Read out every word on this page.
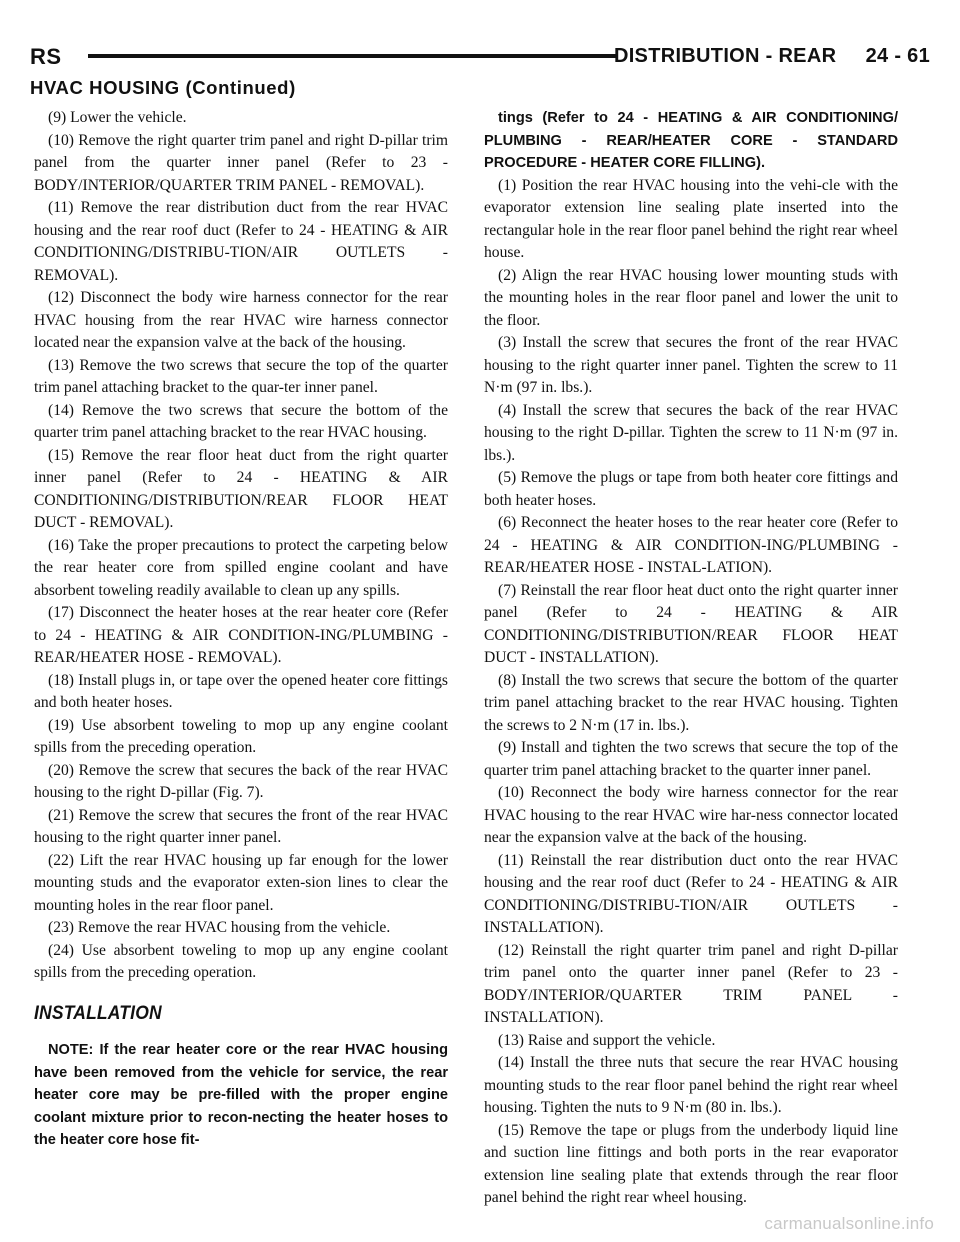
RS	DISTRIBUTION - REAR 24 - 61
HVAC HOUSING (Continued)

(9) Lower the vehicle.

(10) Remove the right quarter trim panel and right D-pillar trim panel from the quarter inner panel (Refer to 23 - BODY/INTERIOR/QUARTER TRIM PANEL - REMOVAL).

(11) Remove the rear distribution duct from the rear HVAC housing and the rear roof duct (Refer to 24 - HEATING & AIR CONDITIONING/DISTRIBU-TION/AIR OUTLETS - REMOVAL).

(12) Disconnect the body wire harness connector for the rear HVAC housing from the rear HVAC wire harness connector located near the expansion valve at the back of the housing.

(13) Remove the two screws that secure the top of the quarter trim panel attaching bracket to the quar-ter inner panel.

(14) Remove the two screws that secure the bottom of the quarter trim panel attaching bracket to the rear HVAC housing.

(15) Remove the rear floor heat duct from the right quarter inner panel (Refer to 24 - HEATING & AIR CONDITIONING/DISTRIBUTION/REAR FLOOR HEAT DUCT - REMOVAL).

(16) Take the proper precautions to protect the carpeting below the rear heater core from spilled engine coolant and have absorbent toweling readily available to clean up any spills.

(17) Disconnect the heater hoses at the rear heater core (Refer to 24 - HEATING & AIR CONDITION-ING/PLUMBING - REAR/HEATER HOSE - REMOVAL).

(18) Install plugs in, or tape over the opened heater core fittings and both heater hoses.

(19) Use absorbent toweling to mop up any engine coolant spills from the preceding operation.

(20) Remove the screw that secures the back of the rear HVAC housing to the right D-pillar (Fig. 7).

(21) Remove the screw that secures the front of the rear HVAC housing to the right quarter inner panel.

(22) Lift the rear HVAC housing up far enough for the lower mounting studs and the evaporator exten-sion lines to clear the mounting holes in the rear floor panel.

(23) Remove the rear HVAC housing from the vehicle.

(24) Use absorbent toweling to mop up any engine coolant spills from the preceding operation.

INSTALLATION

NOTE: If the rear heater core or the rear HVAC housing have been removed from the vehicle for service, the rear heater core may be pre-filled with the proper engine coolant mixture prior to recon-necting the heater hoses to the heater core hose fit-

tings (Refer to 24 - HEATING & AIR CONDITIONING/ PLUMBING - REAR/HEATER CORE - STANDARD PROCEDURE - HEATER CORE FILLING).

(1) Position the rear HVAC housing into the vehi-cle with the evaporator extension line sealing plate inserted into the rectangular hole in the rear floor panel behind the right rear wheel house.

(2) Align the rear HVAC housing lower mounting studs with the mounting holes in the rear floor panel and lower the unit to the floor.

(3) Install the screw that secures the front of the rear HVAC housing to the right quarter inner panel. Tighten the screw to 11 N·m (97 in. lbs.).

(4) Install the screw that secures the back of the rear HVAC housing to the right D-pillar. Tighten the screw to 11 N·m (97 in. lbs.).

(5) Remove the plugs or tape from both heater core fittings and both heater hoses.

(6) Reconnect the heater hoses to the rear heater core (Refer to 24 - HEATING & AIR CONDITION-ING/PLUMBING - REAR/HEATER HOSE - INSTAL-LATION).

(7) Reinstall the rear floor heat duct onto the right quarter inner panel (Refer to 24 - HEATING & AIR CONDITIONING/DISTRIBUTION/REAR FLOOR HEAT DUCT - INSTALLATION).

(8) Install the two screws that secure the bottom of the quarter trim panel attaching bracket to the rear HVAC housing. Tighten the screws to 2 N·m (17 in. lbs.).

(9) Install and tighten the two screws that secure the top of the quarter trim panel attaching bracket to the quarter inner panel.

(10) Reconnect the body wire harness connector for the rear HVAC housing to the rear HVAC wire har-ness connector located near the expansion valve at the back of the housing.

(11) Reinstall the rear distribution duct onto the rear HVAC housing and the rear roof duct (Refer to 24 - HEATING & AIR CONDITIONING/DISTRIBU-TION/AIR OUTLETS - INSTALLATION).

(12) Reinstall the right quarter trim panel and right D-pillar trim panel onto the quarter inner panel (Refer to 23 - BODY/INTERIOR/QUARTER TRIM PANEL - INSTALLATION).

(13) Raise and support the vehicle.

(14) Install the three nuts that secure the rear HVAC housing mounting studs to the rear floor panel behind the right rear wheel housing. Tighten the nuts to 9 N·m (80 in. lbs.).

(15) Remove the tape or plugs from the underbody liquid line and suction line fittings and both ports in the rear evaporator extension line sealing plate that extends through the rear floor panel behind the right rear wheel housing.

carmanualsonline.info
